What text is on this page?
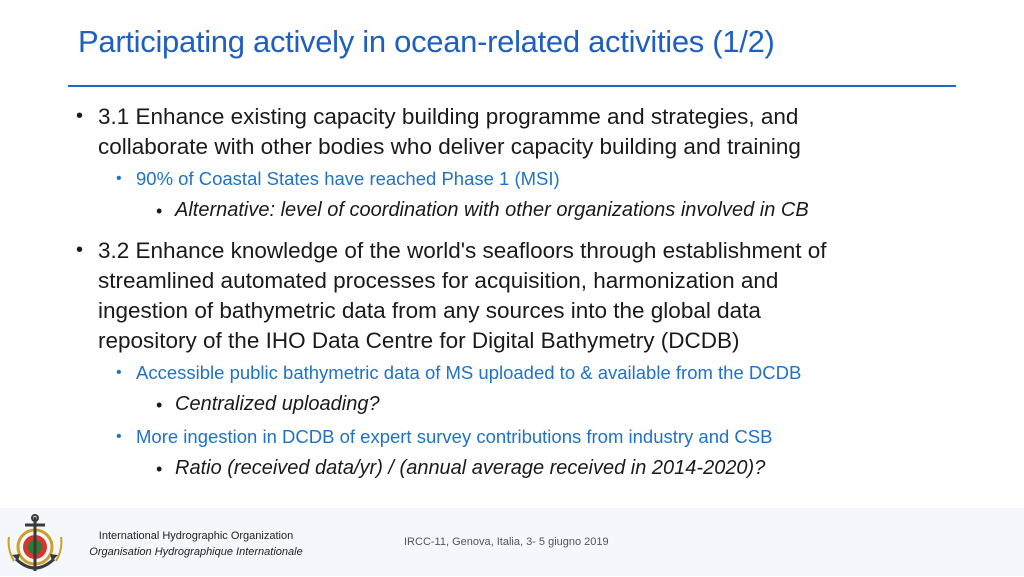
Participating actively in ocean-related activities (1/2)
• 3.1 Enhance existing capacity building programme and strategies, and
collaborate with other bodies who deliver capacity building and training
• 90% of Coastal States have reached Phase 1 (MSI)
• Alternative: level of coordination with other organizations involved in CB
• 3.2 Enhance knowledge of the world's seafloors through establishment of
streamlined automated processes for acquisition, harmonization and
ingestion of bathymetric data from any sources into the global data
repository of the IHO Data Centre for Digital Bathymetry (DCDB)
• Accessible public bathymetric data of MS uploaded to & available from the DCDB
• Centralized uploading?
• More ingestion in DCDB of expert survey contributions from industry and CSB
• Ratio (received data/yr) / (annual average received in 2014-2020)?
International Hydrographic Organization
Organisation Hydrographique Internationale
IRCC-11, Genova, Italia, 3- 5 giugno 2019
